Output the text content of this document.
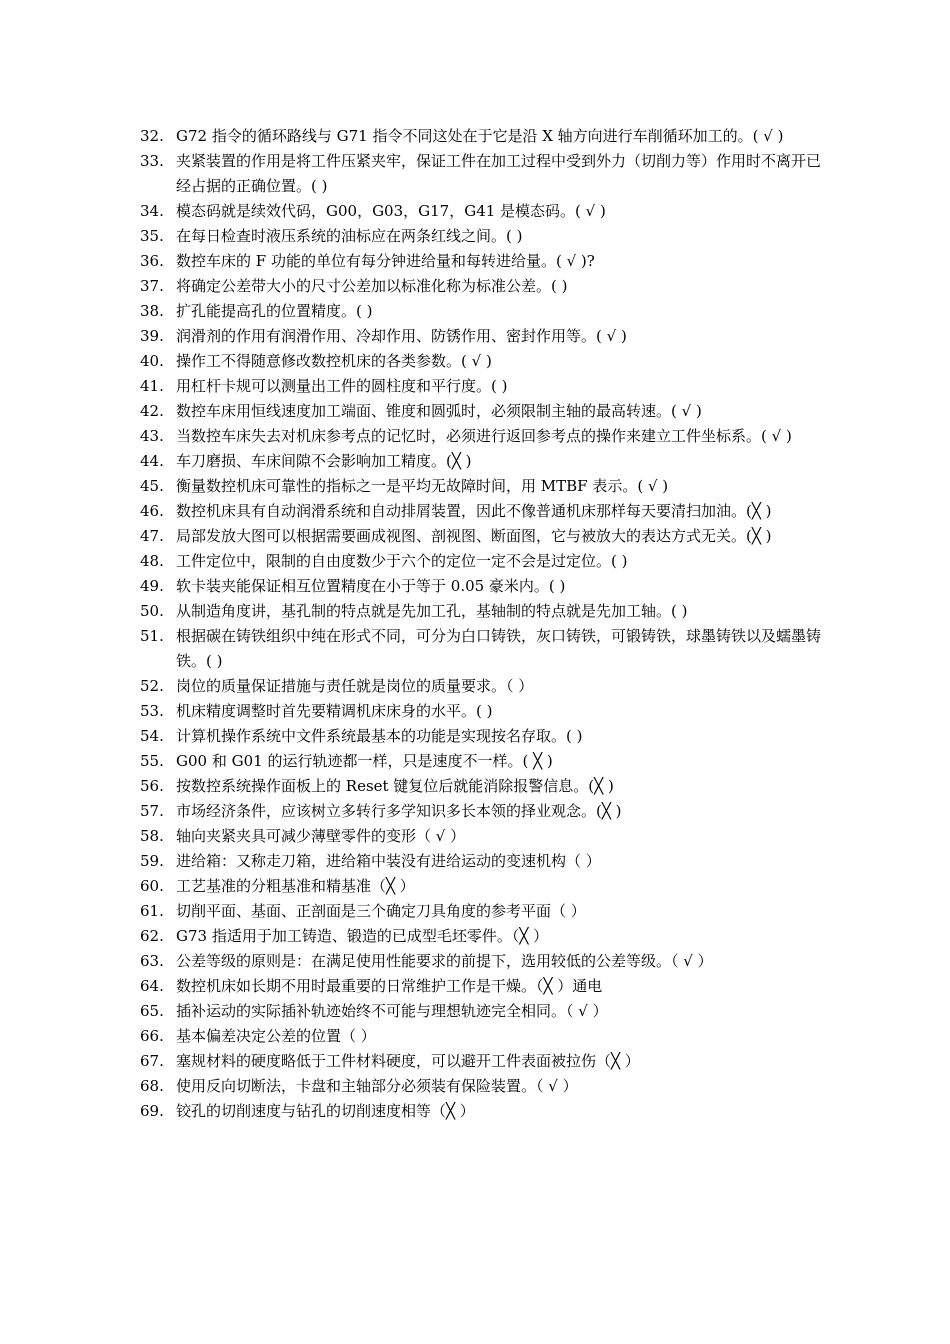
32. G72 指令的循环路线与 G71 指令不同这处在于它是沿 X 轴方向进行车削循环加工的。( √ )
33. 夹紧装置的作用是将工件压紧夹牢，保证工件在加工过程中受到外力（切削力等）作用时不离开已经占据的正确位置。( )
34. 模态码就是续效代码，G00，G03，G17，G41 是模态码。( √ )
35. 在每日检查时液压系统的油标应在两条红线之间。( )
36. 数控车床的 F 功能的单位有每分钟进给量和每转进给量。( √ )?
37. 将确定公差带大小的尺寸公差加以标准化称为标准公差。( )
38. 扩孔能提高孔的位置精度。( )
39. 润滑剂的作用有润滑作用、冷却作用、防锈作用、密封作用等。( √ )
40. 操作工不得随意修改数控机床的各类参数。( √ )
41. 用杠杆卡规可以测量出工件的圆柱度和平行度。( )
42. 数控车床用恒线速度加工端面、锥度和圆弧时，必须限制主轴的最高转速。( √ )
43. 当数控车床失去对机床参考点的记忆时，必须进行返回参考点的操作来建立工件坐标系。( √ )
44. 车刀磨损、车床间隙不会影响加工精度。(╳ )
45. 衡量数控机床可靠性的指标之一是平均无故障时间，用 MTBF 表示。( √ )
46. 数控机床具有自动润滑系统和自动排屑装置，因此不像普通机床那样每天要清扫加油。(╳ )
47. 局部发放大图可以根据需要画成视图、剖视图、断面图，它与被放大的表达方式无关。(╳ )
48. 工件定位中，限制的自由度数少于六个的定位一定不会是过定位。( )
49. 软卡装夹能保证相互位置精度在小于等于 0.05 豪米内。( )
50. 从制造角度讲，基孔制的特点就是先加工孔，基轴制的特点就是先加工轴。( )
51. 根据碳在铸铁组织中纯在形式不同，可分为白口铸铁，灰口铸铁，可锻铸铁，球墨铸铁以及蠕墨铸铁。( )
52. 岗位的质量保证措施与责任就是岗位的质量要求。（ ）
53. 机床精度调整时首先要精调机床床身的水平。( )
54. 计算机操作系统中文件系统最基本的功能是实现按名存取。( )
55. G00 和 G01 的运行轨迹都一样，只是速度不一样。( ╳ )
56. 按数控系统操作面板上的 Reset 键复位后就能消除报警信息。(╳ )
57. 市场经济条件，应该树立多转行多学知识多长本领的择业观念。(╳ )
58. 轴向夹紧夹具可减少薄壁零件的变形（ √ ）
59. 进给箱：又称走刀箱，进给箱中装没有进给运动的变速机构（ ）
60. 工艺基准的分粗基准和精基准（╳ ）
61. 切削平面、基面、正剖面是三个确定刀具角度的参考平面（ ）
62. G73 指适用于加工铸造、锻造的已成型毛坯零件。（╳ ）
63. 公差等级的原则是：在满足使用性能要求的前提下，选用较低的公差等级。（ √ ）
64. 数控机床如长期不用时最重要的日常维护工作是干燥。（╳ ）通电
65. 插补运动的实际插补轨迹始终不可能与理想轨迹完全相同。（ √ ）
66. 基本偏差决定公差的位置（ ）
67. 塞规材料的硬度略低于工件材料硬度，可以避开工件表面被拉伤（╳ ）
68. 使用反向切断法，卡盘和主轴部分必须装有保险装置。（ √ ）
69. 铰孔的切削速度与钻孔的切削速度相等（╳ ）
